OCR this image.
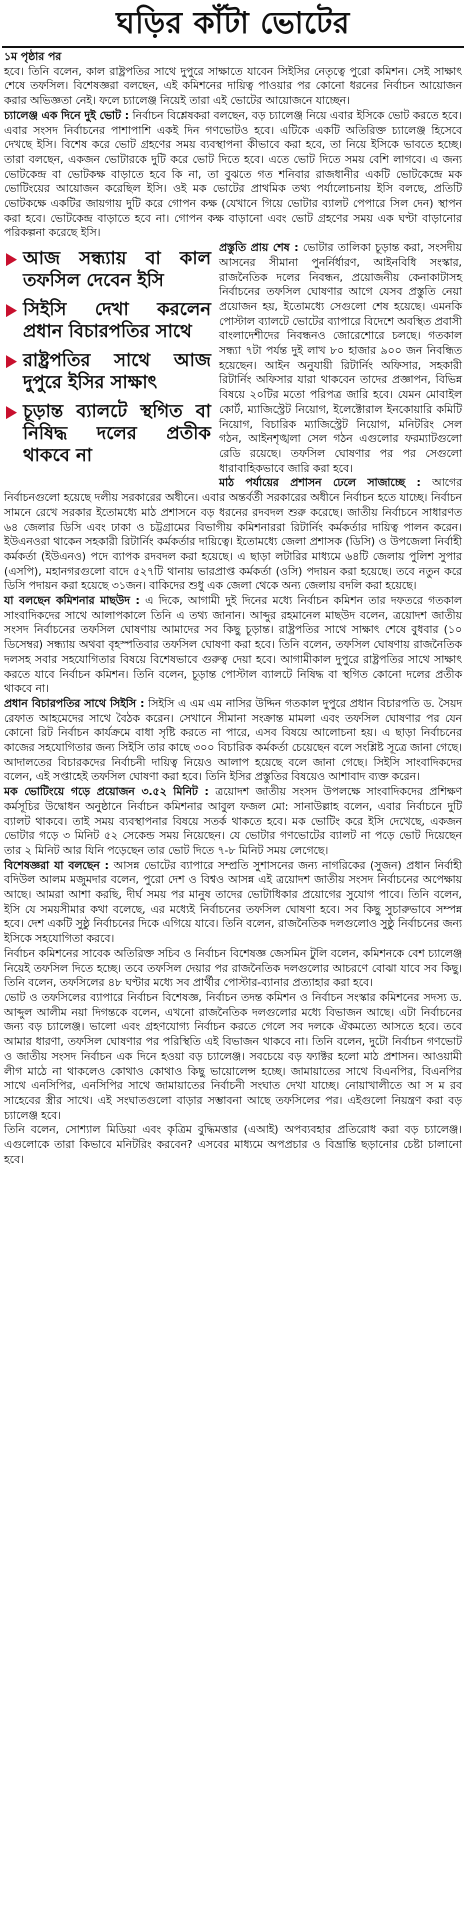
ঘড়ির কাঁটা ভোটের

১ম পৃষ্ঠার পর
হবে। তিনি বলেন, কাল রাষ্ট্রপতির সাথে দুপুরে সাক্ষাতে যাবেন সিইসির নেতৃত্বে পুরো কমিশন। সেই সাক্ষাৎ শেষে তফসিল। বিশেষজ্ঞরা বলছেন, এই কমিশনের দায়িত্ব পাওয়ার পর কোনো ধরনের নির্বাচন আয়োজন করার অভিজ্ঞতা নেই। ফলে চ্যালেঞ্জ নিয়েই তারা এই ভোটের আয়োজনে যাচ্ছেন।

চ্যালেঞ্জ এক দিনে দুই ভোট : নির্বাচন বিশ্লেষকরা বলছেন, বড় চ্যালেঞ্জ নিয়ে এবার ইসিকে ভোট করতে হবে। এবার সংসদ নির্বাচনের পাশাপাশি একই দিন গণভোটও হবে। এটিকে একটি অতিরিক্ত চ্যালেঞ্জ হিসেবে দেখছে ইসি। বিশেষ করে ভোট গ্রহণের সময় ব্যবস্থাপনা কীভাবে করা হবে, তা নিয়ে ইসিকে ভাবতে হচ্ছে। তারা বলছেন, একজন ভোটারকে দুটি করে ভোট দিতে হবে। এতে ভোট দিতে সময় বেশি লাগবে। এ জন্য ভোটকেন্দ্র বা ভোটকক্ষ বাড়াতে হবে কি না, তা বুঝতে গত শনিবার রাজধানীর একটি ভোটকেন্দ্রে মক ভোটিংয়ের আয়োজন করেছিল ইসি। ওই মক ভোটের প্রাথমিক তথ্য পর্যালোচনায় ইসি বলছে, প্রতিটি ভোটকক্ষে একটির জায়গায় দুটি করে গোপন কক্ষ (যেখানে গিয়ে ভোটার ব্যালট পেপারে সিল দেন) স্থাপন করা হবে। ভোটকেন্দ্র বাড়াতে হবে না। গোপন কক্ষ বাড়ানো এবং ভোট গ্রহণের সময় এক ঘণ্টা বাড়ানোর পরিকল্পনা করেছে ইসি।

আজ সন্ধ্যায় বা কাল তফসিল দেবেন ইসি
সিইসি দেখা করলেন প্রধান বিচারপতির সাথে
রাষ্ট্রপতির সাথে আজ দুপুরে ইসির সাক্ষাৎ
চূড়ান্ত ব্যালটে স্থগিত বা নিষিদ্ধ দলের প্রতীক থাকবে না

প্রস্তুতি প্রায় শেষ : ভোটার তালিকা চূড়ান্ত করা, সংসদীয় আসনের সীমানা পুনর্নির্ধারণ, আইনবিধি সংস্কার, রাজনৈতিক দলের নিবন্ধন, প্রয়োজনীয় কেনাকাটাসহ নির্বাচনের তফসিল ঘোষণার আগে যেসব প্রস্তুতি নেয়া প্রয়োজন হয়, ইতোমধ্যে সেগুলো শেষ হয়েছে। এমনকি পোস্টাল ব্যালটে ভোটের ব্যাপারে বিদেশে অবস্থিত প্রবাসী বাংলাদেশীদের নিবন্ধনও জোরেশোরে চলছে। গতকাল সন্ধ্যা ৭টা পর্যন্ত দুই লাখ ৮০ হাজার ৯০০ জন নিবন্ধিত হয়েছেন। আইন অনুযায়ী রিটার্নিং অফিসার, সহকারী রিটার্নিং অফিসার যারা থাকবেন তাদের প্রজ্ঞাপন, বিভিন্ন বিষয়ে ২০টির মতো পরিপত্র জারি হবে। যেমন মোবাইল কোর্ট, ম্যাজিস্ট্রেট নিয়োগ, ইলেক্টোরাল ইনকোয়ারি কমিটি নিয়োগ, বিচারিক ম্যাজিস্ট্রেট নিয়োগ, মনিটরিং সেল গঠন, আইনশৃঙ্খলা সেল গঠন এগুলোর ফরম্যাটগুলো রেডি রয়েছে। তফসিল ঘোষণার পর পর সেগুলো ধারাবাহিকভাবে জারি করা হবে।

মাঠ পর্যায়ের প্রশাসন ঢেলে সাজাচ্ছে : আগের নির্বাচনগুলো হয়েছে দলীয় সরকারের অধীনে। এবার অন্তর্বর্তী সরকারের অধীনে নির্বাচন হতে যাচ্ছে। নির্বাচন সামনে রেখে সরকার ইতোমধ্যে মাঠ প্রশাসনে বড় ধরনের রদবদল শুরু করেছে। জাতীয় নির্বাচনে সাধারণত ৬৪ জেলার ডিসি এবং ঢাকা ও চট্টগ্রামের বিভাগীয় কমিশনাররা রিটার্নিং কর্মকর্তার দায়িত্ব পালন করেন। ইউএনওরা থাকেন সহকারী রিটার্নিং কর্মকর্তার দায়িত্বে। ইতোমধ্যে জেলা প্রশাসক (ডিসি) ও উপজেলা নির্বাহী কর্মকর্তা (ইউএনও) পদে ব্যাপক রদবদল করা হয়েছে। এ ছাড়া লটারির মাধ্যমে ৬৪টি জেলায় পুলিশ সুপার (এসপি), মহানগরগুলো বাদে ৫২৭টি থানায় ভারপ্রাপ্ত কর্মকর্তা (ওসি) পদায়ন করা হয়েছে। তবে নতুন করে ডিসি পদায়ন করা হয়েছে ৩১জন। বাকিদের শুধু এক জেলা থেকে অন্য জেলায় বদলি করা হয়েছে।

যা বলছেন কমিশনার মাছউদ : এ দিকে, আগামী দুই দিনের মধ্যে নির্বাচন কমিশন তার দফতরে গতকাল সাংবাদিকদের সাথে আলাপকালে তিনি এ তথ্য জানান। আব্দুর রহমানেল মাছউদ বলেন, ত্রয়োদশ জাতীয় সংসদ নির্বাচনের তফসিল ঘোষণায় আমাদের সব কিছু চূড়ান্ত। রাষ্ট্রপতির সাথে সাক্ষাৎ শেষে বুধবার (১০ ডিসেম্বর) সন্ধ্যায় অথবা বৃহস্পতিবার তফসিল ঘোষণা করা হবে। তিনি বলেন, তফসিল ঘোষণায় রাজনৈতিক দলসহ সবার সহযোগিতার বিষয়ে বিশেষভাবে গুরুত্ব দেয়া হবে। আগামীকাল দুপুরে রাষ্ট্রপতির সাথে সাক্ষাৎ করতে যাবে নির্বাচন কমিশন। তিনি বলেন, চূড়ান্ত পোস্টাল ব্যালটে নিষিদ্ধ বা স্থগিত কোনো দলের প্রতীক থাকবে না।

প্রধান বিচারপতির সাথে সিইসি : সিইসি এ এম এম নাসির উদ্দিন গতকাল দুপুরে প্রধান বিচারপতি ড. সৈয়দ রেফাত আহমেদের সাথে বৈঠক করেন। সেখানে সীমানা সংক্রান্ত মামলা এবং তফসিল ঘোষণার পর যেন কোনো রিট নির্বাচন কার্যক্রমে বাধা সৃষ্টি করতে না পারে, এসব বিষয়ে আলোচনা হয়। এ ছাড়া নির্বাচনের কাজের সহযোগিতার জন্য সিইসি তার কাছে ৩০০ বিচারিক কর্মকর্তা চেয়েছেন বলে সংশ্লিষ্ট সূত্রে জানা গেছে। আদালতের বিচারকদের নির্বাচনী দায়িত্ব নিয়েও আলাপ হয়েছে বলে জানা গেছে। সিইসি সাংবাদিকদের বলেন, এই সপ্তাহেই তফসিল ঘোষণা করা হবে। তিনি ইসির প্রস্তুতির বিষয়েও আশাবাদ ব্যক্ত করেন।

মক ভোটিংয়ে গড়ে প্রয়োজন ৩.৫২ মিনিট : ত্রয়োদশ জাতীয় সংসদ উপলক্ষে সাংবাদিকদের প্রশিক্ষণ কর্মসূচির উদ্বোধন অনুষ্ঠানে নির্বাচন কমিশনার আবুল ফজল মো: সানাউল্লাহ বলেন, এবার নির্বাচনে দুটি ব্যালট থাকবে। তাই সময় ব্যবস্থাপনার বিষয়ে সতর্ক থাকতে হবে। মক ভোটিং করে ইসি দেখেছে, একজন ভোটার গড়ে ৩ মিনিট ৫২ সেকেন্ড সময় নিয়েছেন। যে ভোটার গণভোটের ব্যালট না পড়ে ভোট দিয়েছেন তার ২ মিনিট আর যিনি পড়েছেন তার ভোট দিতে ৭-৮ মিনিট সময় লেগেছে।

বিশেষজ্ঞরা যা বলছেন : আসন্ন ভোটের ব্যাপারে সম্প্রতি সুশাসনের জন্য নাগরিকের (সুজন) প্রধান নির্বাহী বদিউল আলম মজুমদার বলেন, পুরো দেশ ও বিশ্বও আসন্ন এই ত্রয়োদশ জাতীয় সংসদ নির্বাচনের অপেক্ষায় আছে। আমরা আশা করছি, দীর্ঘ সময় পর মানুষ তাদের ভোটাধিকার প্রয়োগের সুযোগ পাবে। তিনি বলেন, ইসি যে সময়সীমার কথা বলেছে, এর মধ্যেই নির্বাচনের তফসিল ঘোষণা হবে। সব কিছু সুচারুভাবে সম্পন্ন হবে। দেশ একটি সুষ্ঠু নির্বাচনের দিকে এগিয়ে যাবে। তিনি বলেন, রাজনৈতিক দলগুলোও সুষ্ঠু নির্বাচনের জন্য ইসিকে সহযোগিতা করবে।

নির্বাচন কমিশনের সাবেক অতিরিক্ত সচিব ও নির্বাচন বিশেষজ্ঞ জেসমিন টুলি বলেন, কমিশনকে বেশ চ্যালেঞ্জ নিয়েই তফসিল দিতে হচ্ছে। তবে তফসিল দেয়ার পর রাজনৈতিক দলগুলোর আচরণে বোঝা যাবে সব কিছু। তিনি বলেন, তফসিলের ৪৮ ঘণ্টার মধ্যে সব প্রার্থীর পোস্টার-ব্যানার প্রত্যাহার করা হবে।

ভোট ও তফসিলের ব্যাপারে নির্বাচন বিশেষজ্ঞ, নির্বাচন তদন্ত কমিশন ও নির্বাচন সংস্কার কমিশনের সদস্য ড. আব্দুল আলীম নয়া দিগন্তকে বলেন, এখনো রাজনৈতিক দলগুলোর মধ্যে বিভাজন আছে। এটা নির্বাচনের জন্য বড় চ্যালেঞ্জ। ভালো এবং গ্রহণযোগ্য নির্বাচন করতে গেলে সব দলকে ঐকমত্যে আসতে হবে। তবে আমার ধারণা, তফসিল ঘোষণার পর পরিস্থিতি এই বিভাজন থাকবে না। তিনি বলেন, দুটো নির্বাচন গণভোট ও জাতীয় সংসদ নির্বাচন এক দিনে হওয়া বড় চ্যালেঞ্জ। সবচেয়ে বড় ফ্যাক্টর হলো মাঠ প্রশাসন। আওয়ামী লীগ মাঠে না থাকলেও কোথাও কোথাও কিছু ভায়োলেন্স হচ্ছে। জামায়াতের সাথে বিএনপির, বিএনপির সাথে এনসিপির, এনসিপির সাথে জামায়াতের নির্বাচনী সংঘাত দেখা যাচ্ছে। নোয়াখালীতে আ স ম রব সাহেবের স্ত্রীর সাথে। এই সংঘাতগুলো বাড়ার সম্ভাবনা আছে তফসিলের পর। এইগুলো নিয়ন্ত্রণ করা বড় চ্যালেঞ্জ হবে।

তিনি বলেন, সোশ্যাল মিডিয়া এবং কৃত্রিম বুদ্ধিমত্তার (এআই) অপব্যবহার প্রতিরোধ করা বড় চ্যালেঞ্জ। এগুলোকে তারা কিভাবে মনিটরিং করবেন? এসবের মাধ্যমে অপপ্রচার ও বিভ্রান্তি ছড়ানোর চেষ্টা চালানো হবে।
